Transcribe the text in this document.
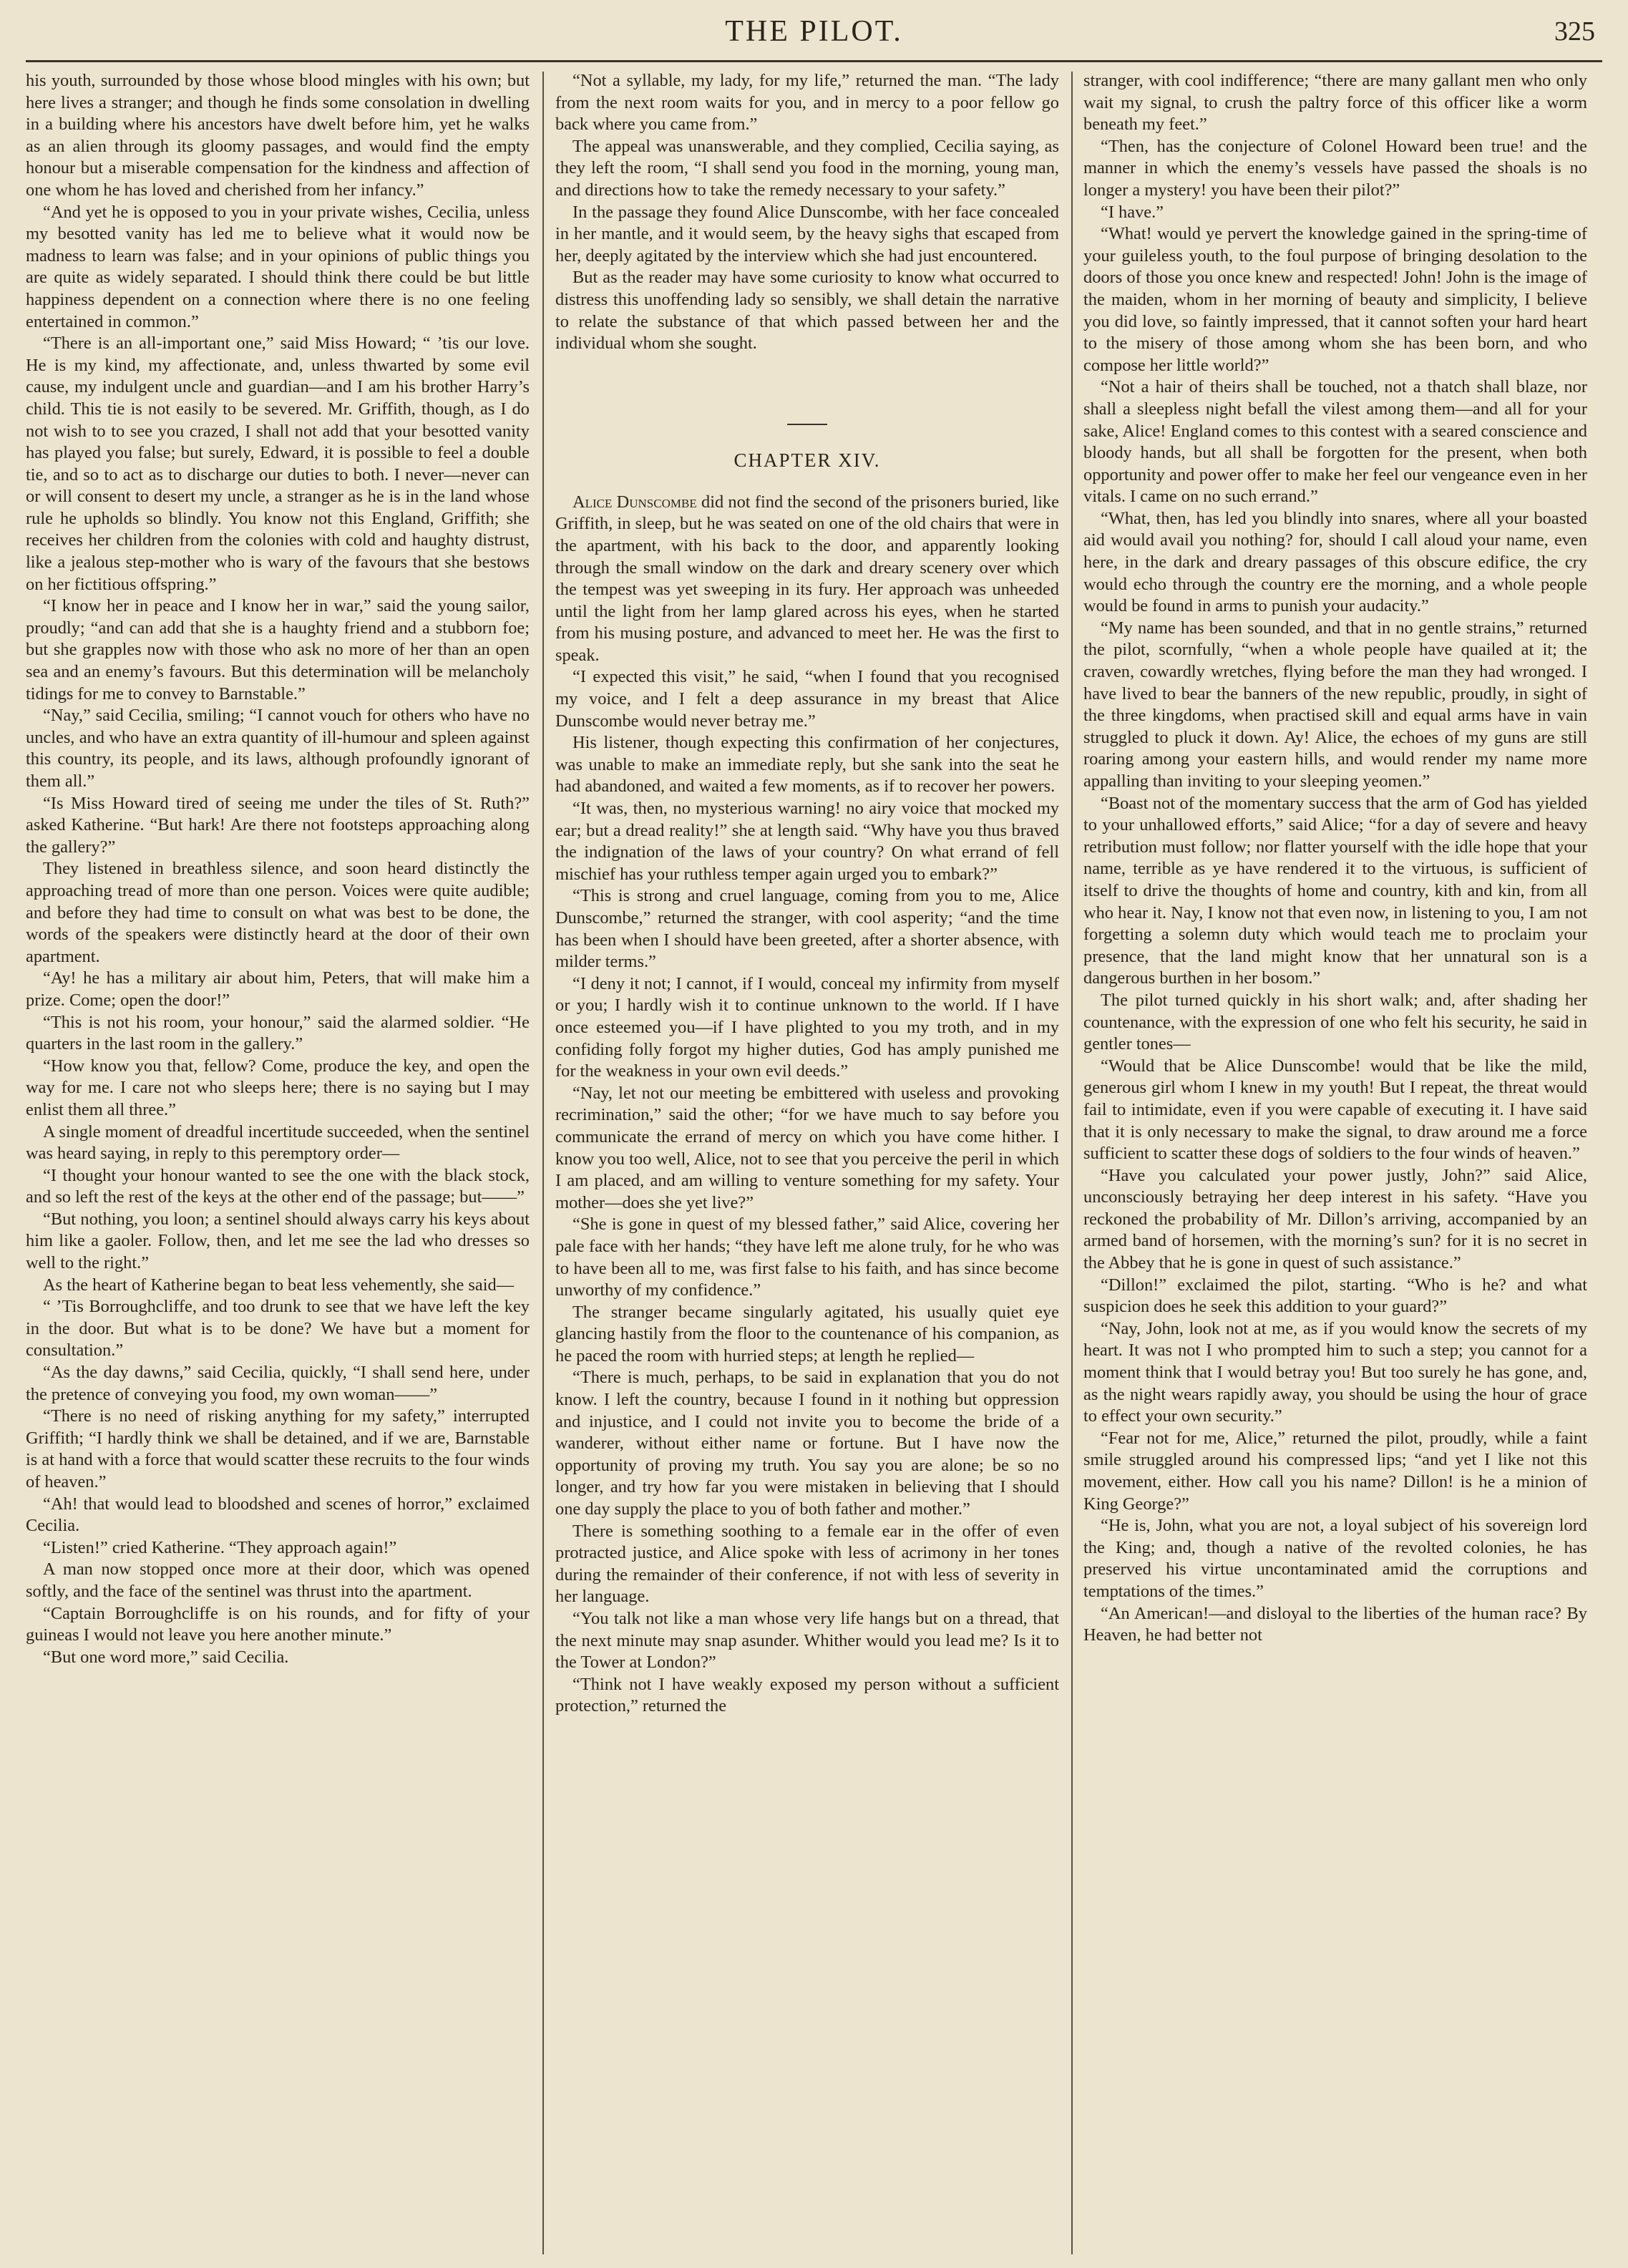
THE PILOT.	325

his youth, surrounded by those whose blood mingles with his own; but here lives a stranger; and though he finds some consolation in dwelling in a building where his ancestors have dwelt before him, yet he walks as an alien through its gloomy passages, and would find the empty honour but a miserable compensation for the kindness and affection of one whom he has loved and cherished from her infancy.”

“And yet he is opposed to you in your private wishes, Cecilia, unless my besotted vanity has led me to believe what it would now be madness to learn was false; and in your opinions of public things you are quite as widely separated. I should think there could be but little happiness dependent on a connection where there is no one feeling entertained in common.”

“There is an all-important one,” said Miss Howard; “ ’tis our love. He is my kind, my affectionate, and, unless thwarted by some evil cause, my indulgent uncle and guardian—and I am his brother Harry’s child. This tie is not easily to be severed. Mr. Griffith, though, as I do not wish to to see you crazed, I shall not add that your besotted vanity has played you false; but surely, Edward, it is possible to feel a double tie, and so to act as to discharge our duties to both. I never—never can or will consent to desert my uncle, a stranger as he is in the land whose rule he upholds so blindly. You know not this England, Griffith; she receives her children from the colonies with cold and haughty distrust, like a jealous step-mother who is wary of the favours that she bestows on her fictitious offspring.”

“I know her in peace and I know her in war,” said the young sailor, proudly; “and can add that she is a haughty friend and a stubborn foe; but she grapples now with those who ask no more of her than an open sea and an enemy’s favours. But this determination will be melancholy tidings for me to convey to Barnstable.”

“Nay,” said Cecilia, smiling; “I cannot vouch for others who have no uncles, and who have an extra quantity of ill-humour and spleen against this country, its people, and its laws, although profoundly ignorant of them all.”

“Is Miss Howard tired of seeing me under the tiles of St. Ruth?” asked Katherine. “But hark! Are there not footsteps approaching along the gallery?”

They listened in breathless silence, and soon heard distinctly the approaching tread of more than one person. Voices were quite audible; and before they had time to consult on what was best to be done, the words of the speakers were distinctly heard at the door of their own apartment.

“Ay! he has a military air about him, Peters, that will make him a prize. Come; open the door!”

“This is not his room, your honour,” said the alarmed soldier. “He quarters in the last room in the gallery.”

“How know you that, fellow? Come, produce the key, and open the way for me. I care not who sleeps here; there is no saying but I may enlist them all three.”

A single moment of dreadful incertitude succeeded, when the sentinel was heard saying, in reply to this peremptory order—

“I thought your honour wanted to see the one with the black stock, and so left the rest of the keys at the other end of the passage; but——”

“But nothing, you loon; a sentinel should always carry his keys about him like a gaoler. Follow, then, and let me see the lad who dresses so well to the right.”

As the heart of Katherine began to beat less vehemently, she said—

“ ’Tis Borroughcliffe, and too drunk to see that we have left the key in the door. But what is to be done? We have but a moment for consultation.”

“As the day dawns,” said Cecilia, quickly, “I shall send here, under the pretence of conveying you food, my own woman——”

“There is no need of risking anything for my safety,” interrupted Griffith; “I hardly think we shall be detained, and if we are, Barnstable is at hand with a force that would scatter these recruits to the four winds of heaven.”

“Ah! that would lead to bloodshed and scenes of horror,” exclaimed Cecilia.

“Listen!” cried Katherine. “They approach again!”

A man now stopped once more at their door, which was opened softly, and the face of the sentinel was thrust into the apartment.

“Captain Borroughcliffe is on his rounds, and for fifty of your guineas I would not leave you here another minute.”

“But one word more,” said Cecilia.

“Not a syllable, my lady, for my life,” returned the man. “The lady from the next room waits for you, and in mercy to a poor fellow go back where you came from.”

The appeal was unanswerable, and they complied, Cecilia saying, as they left the room, “I shall send you food in the morning, young man, and directions how to take the remedy necessary to your safety.”

In the passage they found Alice Dunscombe, with her face concealed in her mantle, and it would seem, by the heavy sighs that escaped from her, deeply agitated by the interview which she had just encountered.

But as the reader may have some curiosity to know what occurred to distress this unoffending lady so sensibly, we shall detain the narrative to relate the substance of that which passed between her and the individual whom she sought.

CHAPTER XIV.

Alice Dunscombe did not find the second of the prisoners buried, like Griffith, in sleep, but he was seated on one of the old chairs that were in the apartment, with his back to the door, and apparently looking through the small window on the dark and dreary scenery over which the tempest was yet sweeping in its fury. Her approach was unheeded until the light from her lamp glared across his eyes, when he started from his musing posture, and advanced to meet her. He was the first to speak.

“I expected this visit,” he said, “when I found that you recognised my voice, and I felt a deep assurance in my breast that Alice Dunscombe would never betray me.”

His listener, though expecting this confirmation of her conjectures, was unable to make an immediate reply, but she sank into the seat he had abandoned, and waited a few moments, as if to recover her powers.

“It was, then, no mysterious warning! no airy voice that mocked my ear; but a dread reality!” she at length said. “Why have you thus braved the indignation of the laws of your country? On what errand of fell mischief has your ruthless temper again urged you to embark?”

“This is strong and cruel language, coming from you to me, Alice Dunscombe,” returned the stranger, with cool asperity; “and the time has been when I should have been greeted, after a shorter absence, with milder terms.”

“I deny it not; I cannot, if I would, conceal my infirmity from myself or you; I hardly wish it to continue unknown to the world. If I have once esteemed you—if I have plighted to you my troth, and in my confiding folly forgot my higher duties, God has amply punished me for the weakness in your own evil deeds.”

“Nay, let not our meeting be embittered with useless and provoking recrimination,” said the other; “for we have much to say before you communicate the errand of mercy on which you have come hither. I know you too well, Alice, not to see that you perceive the peril in which I am placed, and am willing to venture something for my safety. Your mother—does she yet live?”

“She is gone in quest of my blessed father,” said Alice, covering her pale face with her hands; “they have left me alone truly, for he who was to have been all to me, was first false to his faith, and has since become unworthy of my confidence.”

The stranger became singularly agitated, his usually quiet eye glancing hastily from the floor to the countenance of his companion, as he paced the room with hurried steps; at length he replied—

“There is much, perhaps, to be said in explanation that you do not know. I left the country, because I found in it nothing but oppression and injustice, and I could not invite you to become the bride of a wanderer, without either name or fortune. But I have now the opportunity of proving my truth. You say you are alone; be so no longer, and try how far you were mistaken in believing that I should one day supply the place to you of both father and mother.”

There is something soothing to a female ear in the offer of even protracted justice, and Alice spoke with less of acrimony in her tones during the remainder of their conference, if not with less of severity in her language.

“You talk not like a man whose very life hangs but on a thread, that the next minute may snap asunder. Whither would you lead me? Is it to the Tower at London?”

“Think not I have weakly exposed my person without a sufficient protection,” returned the

stranger, with cool indifference; “there are many gallant men who only wait my signal, to crush the paltry force of this officer like a worm beneath my feet.”

“Then, has the conjecture of Colonel Howard been true! and the manner in which the enemy’s vessels have passed the shoals is no longer a mystery! you have been their pilot?”

“I have.”

“What! would ye pervert the knowledge gained in the spring-time of your guileless youth, to the foul purpose of bringing desolation to the doors of those you once knew and respected! John! John is the image of the maiden, whom in her morning of beauty and simplicity, I believe you did love, so faintly impressed, that it cannot soften your hard heart to the misery of those among whom she has been born, and who compose her little world?”

“Not a hair of theirs shall be touched, not a thatch shall blaze, nor shall a sleepless night befall the vilest among them—and all for your sake, Alice! England comes to this contest with a seared conscience and bloody hands, but all shall be forgotten for the present, when both opportunity and power offer to make her feel our vengeance even in her vitals. I came on no such errand.”

“What, then, has led you blindly into snares, where all your boasted aid would avail you nothing? for, should I call aloud your name, even here, in the dark and dreary passages of this obscure edifice, the cry would echo through the country ere the morning, and a whole people would be found in arms to punish your audacity.”

“My name has been sounded, and that in no gentle strains,” returned the pilot, scornfully, “when a whole people have quailed at it; the craven, cowardly wretches, flying before the man they had wronged. I have lived to bear the banners of the new republic, proudly, in sight of the three kingdoms, when practised skill and equal arms have in vain struggled to pluck it down. Ay! Alice, the echoes of my guns are still roaring among your eastern hills, and would render my name more appalling than inviting to your sleeping yeomen.”

“Boast not of the momentary success that the arm of God has yielded to your unhallowed efforts,” said Alice; “for a day of severe and heavy retribution must follow; nor flatter yourself with the idle hope that your name, terrible as ye have rendered it to the virtuous, is sufficient of itself to drive the thoughts of home and country, kith and kin, from all who hear it. Nay, I know not that even now, in listening to you, I am not forgetting a solemn duty which would teach me to proclaim your presence, that the land might know that her unnatural son is a dangerous burthen in her bosom.”

The pilot turned quickly in his short walk; and, after shading her countenance, with the expression of one who felt his security, he said in gentler tones—

“Would that be Alice Dunscombe! would that be like the mild, generous girl whom I knew in my youth! But I repeat, the threat would fail to intimidate, even if you were capable of executing it. I have said that it is only necessary to make the signal, to draw around me a force sufficient to scatter these dogs of soldiers to the four winds of heaven.”

“Have you calculated your power justly, John?” said Alice, unconsciously betraying her deep interest in his safety. “Have you reckoned the probability of Mr. Dillon’s arriving, accompanied by an armed band of horsemen, with the morning’s sun? for it is no secret in the Abbey that he is gone in quest of such assistance.”

“Dillon!” exclaimed the pilot, starting. “Who is he? and what suspicion does he seek this addition to your guard?”

“Nay, John, look not at me, as if you would know the secrets of my heart. It was not I who prompted him to such a step; you cannot for a moment think that I would betray you! But too surely he has gone, and, as the night wears rapidly away, you should be using the hour of grace to effect your own security.”

“Fear not for me, Alice,” returned the pilot, proudly, while a faint smile struggled around his compressed lips; “and yet I like not this movement, either. How call you his name? Dillon! is he a minion of King George?”

“He is, John, what you are not, a loyal subject of his sovereign lord the King; and, though a native of the revolted colonies, he has preserved his virtue uncontaminated amid the corruptions and temptations of the times.”

“An American!—and disloyal to the liberties of the human race? By Heaven, he had better not
